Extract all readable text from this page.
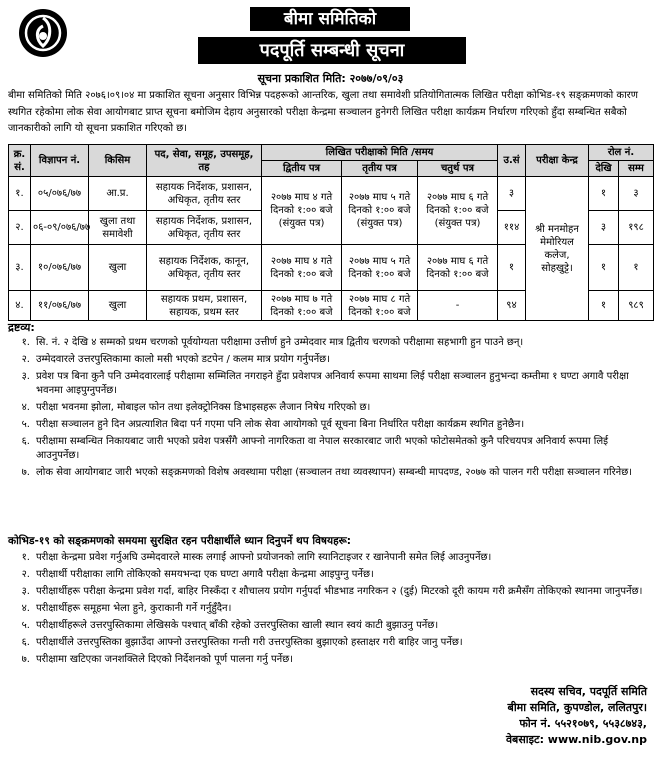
बीमा समितिको
पदपूर्ति सम्बन्धी सूचना
सूचना प्रकाशित मिति: २०७७/०९/०३
बीमा समितिको मिति २०७६।०९।०४ मा प्रकाशित सूचना अनुसार विभिन्न पदहरूको आन्तरिक, खुला तथा समावेशी प्रतियोगितात्मक लिखित परीक्षा कोभिड-१९ सङ्क्रमणको कारण स्थगित रहेकोमा लोक सेवा आयोगबाट प्राप्त सूचना बमोजिम देहाय अनुसारको परीक्षा केन्द्रमा सञ्चालन हुनेगरी लिखित परीक्षा कार्यक्रम निर्धारण गरिएको हुँदा सम्बन्धित सबैको जानकारीको लागि यो सूचना प्रकाशित गरिएको छ।
क्र. सं.	विज्ञापन नं.	किसिम	पद, सेवा, समूह, उपसमूह, तह	लिखित परीक्षाको मिति /समय			उ.सं	परीक्षा केन्द्र	रोल नं.	
				द्वितीय पत्र	तृतीय पत्र	चतुर्थ पत्र			देखि	सम्म
१.	०५/०७६/७७	आ.प्र.	सहायक निर्देशक, प्रशासन, अधिकृत, तृतीय स्तर	२०७७ माघ ४ गते दिनको १:०० बजे (संयुक्त पत्र)	२०७७ माघ ५ गते दिनको १:०० बजे (संयुक्त पत्र)	२०७७ माघ ६ गते दिनको १:०० बजे (संयुक्त पत्र)	३	श्री मनमोहन मेमोरियल कलेज, सोहखुट्टे।	१	३
२.	०६-०९/०७६/७७	खुला तथा समावेशी	सहायक निर्देशक, प्रशासन, अधिकृत, तृतीय स्तर				११४		३	१९८
३.	१०/०७६/७७	खुला	सहायक निर्देशक, कानून, अधिकृत, तृतीय स्तर	२०७७ माघ ४ गते दिनको १:०० बजे	२०७७ माघ ५ गते दिनको १:०० बजे	२०७७ माघ ६ गते दिनको १:०० बजे	१		१	१
४.	११/०७६/७७	खुला	सहायक प्रथम, प्रशासन, सहायक, प्रथम स्तर	२०७७ माघ ७ गते दिनको १:०० बजे	२०७७ माघ ८ गते दिनको १:०० बजे	-	९४		१	९८९
द्रष्टव्य:
१. सि. नं. २ देखि ४ सम्मको प्रथम चरणको पूर्वयोग्यता परीक्षामा उत्तीर्ण हुने उम्मेदवार मात्र द्वितीय चरणको परीक्षामा सहभागी हुन पाउने छन्।
२. उम्मेदवारले उत्तरपुस्तिकामा कालो मसी भएको डटपेन / कलम मात्र प्रयोग गर्नुपर्नेछ।
३. प्रवेश पत्र बिना कुनै पनि उम्मेदवारलाई परीक्षामा सम्मिलित नगराइने हुँदा प्रवेशपत्र अनिवार्य रूपमा साथमा लिई परीक्षा सञ्चालन हुनुभन्दा कम्तीमा १ घण्टा अगावै परीक्षा भवनमा आइपुग्नुपर्नेछ।
४. परीक्षा भवनमा झोला, मोबाइल फोन तथा इलेक्ट्रोनिक्स डिभाइसहरू लैजान निषेध गरिएको छ।
५. परीक्षा सञ्चालन हुने दिन अप्रत्याशित बिदा पर्न गएमा पनि लोक सेवा आयोगको पूर्व सूचना बिना निर्धारित परीक्षा कार्यक्रम स्थगित हुनेछैन।
६. परीक्षामा सम्बन्धित निकायबाट जारी भएको प्रवेश पत्रसँगै आफ्नो नागरिकता वा नेपाल सरकारबाट जारी भएको फोटोसमेतको कुनै परिचयपत्र अनिवार्य रूपमा लिई आउनुपर्नेछ।
७. लोक सेवा आयोगबाट जारी भएको सङ्क्रमणको विशेष अवस्थामा परीक्षा (सञ्चालन तथा व्यवस्थापन) सम्बन्धी मापदण्ड, २०७७ को पालन गरी परीक्षा सञ्चालन गरिनेछ।
कोभिड-१९ को सङ्क्रमणको समयमा सुरक्षित रहन परीक्षार्थीले ध्यान दिनुपर्ने थप विषयहरू:
१. परीक्षा केन्द्रमा प्रवेश गर्नुअघि उम्मेदवारले मास्क लगाई आफ्नो प्रयोजनको लागि स्यानिटाइजर र खानेपानी समेत लिई आउनुपर्नेछ।
२. परीक्षार्थी परीक्षाका लागि तोकिएको समयभन्दा एक घण्टा अगावै परीक्षा केन्द्रमा आइपुग्नु पर्नेछ।
३. परीक्षार्थीहरू परीक्षा केन्द्रमा प्रवेश गर्दा, बाहिर निस्कँदा र शौचालय प्रयोग गर्नुपर्दा भीडभाड नगरिकन २ (दुई) मिटरको दूरी कायम गरी क्रमैसँग तोकिएको स्थानमा जानुपर्नेछ।
४. परीक्षार्थीहरू समूहमा भेला हुने, कुराकानी गर्ने गर्नुहुँदैन।
५. परीक्षार्थीहरूले उत्तरपुस्तिकामा लेखिसके पश्चात् बाँकी रहेको उत्तरपुस्तिका खाली स्थान स्वयं काटी बुझाउनु पर्नेछ।
६. परीक्षार्थीले उत्तरपुस्तिका बुझाउँदा आफ्नो उत्तरपुस्तिका गन्ती गरी उत्तरपुस्तिका बुझाएको हस्ताक्षर गरी बाहिर जानु पर्नेछ।
७. परीक्षामा खटिएका जनशक्तिले दिएको निर्देशनको पूर्ण पालना गर्नु पर्नेछ।
सदस्य सचिव, पदपूर्ति समिति
बीमा समिति, कुपण्डोल, ललितपुर।
फोन नं. ५५२१०७९, ५५३८७४३,
वेबसाइट: www.nib.gov.np
